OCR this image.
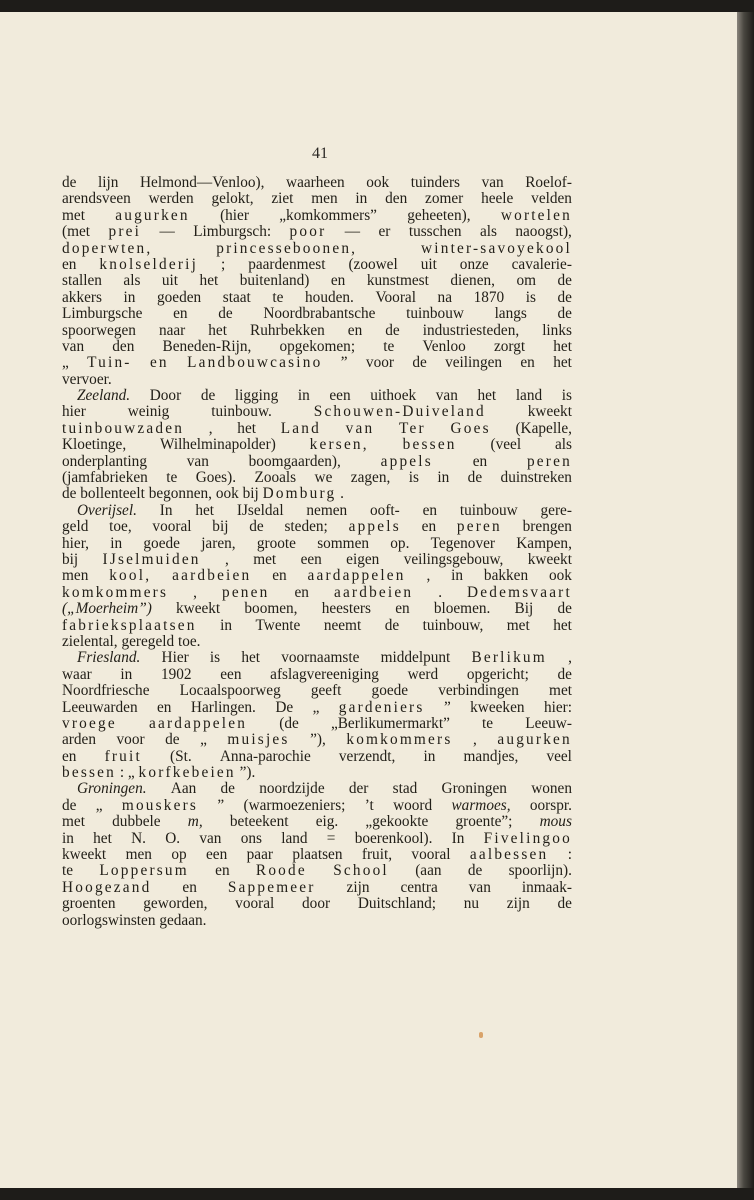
41
de lijn Helmond—Venloo), waarheen ook tuinders van Roelof-
arendsveen werden gelokt, ziet men in den zomer heele velden
met augurken (hier „komkommers” geheeten), wortelen
(met prei — Limburgsch: poor — er tusschen als naoogst),
doperwten,	princesseboonen,	winter-savoyekool
en knolselderij ; paardenmest (zoowel uit onze cavalerie-
stallen als uit het buitenland) en kunstmest dienen, om de
akkers in goeden staat te houden. Vooral na 1870 is de
Limburgsche en de Noordbrabantsche tuinbouw langs de
spoorwegen naar het Ruhrbekken en de industriesteden, links
van den Beneden-Rijn, opgekomen; te Venloo zorgt het
„ Tuin- en Landbouwcasino ” voor de veilingen en het
vervoer.
Zeeland. Door de ligging in een uithoek van het land is
hier	weinig	tuinbouw.	Schouwen-Duiveland	kweekt
tuinbouwzaden , het Land van Ter Goes (Kapelle,
Kloetinge, Wilhelminapolder) kersen, bessen (veel als
onderplanting	van	boomgaarden),	appels	en	peren
(jamfabrieken te Goes). Zooals we zagen, is in de duinstreken
de
bollenteelt
begonnen,
ook
bij
Domburg
.
Overijsel. In het IJseldal nemen ooft- en tuinbouw gere-
geld toe, vooral bij de steden; appels en peren brengen
hier, in goede jaren, groote sommen op. Tegenover Kampen,
bij IJselmuiden , met een eigen veilingsgebouw, kweekt
men kool, aardbeien en aardappelen , in bakken ook
komkommers , penen en aardbeien . Dedemsvaart
(„Moerheim”) kweekt boomen, heesters en bloemen. Bij de
fabrieksplaatsen in Twente neemt de tuinbouw, met het
zielental,
geregeld
toe.
Friesland. Hier is het voornaamste middelpunt Berlikum ,
waar in 1902 een afslagvereeniging werd opgericht; de
Noordfriesche Locaalspoorweg geeft goede verbindingen met
Leeuwarden en Harlingen. De „ gardeniers ” kweeken hier:
vroege aardappelen (de „Berlikumermarkt” te Leeuw-
arden voor de „ muisjes ”), komkommers , augurken
en fruit (St. Anna-parochie verzendt, in mandjes, veel
bessen
:
„
korfkebeien
”).
Groningen. Aan de noordzijde der stad Groningen wonen
de „ mouskers ” (warmoezeniers; ’t woord warmoes, oorspr.
met dubbele m, beteekent eig. „gekookte groente”; mous
in het N. O. van ons land = boerenkool). In Fivelingoo
kweekt men op een paar plaatsen fruit, vooral aalbessen :
te Loppersum en Roode School (aan de spoorlijn).
Hoogezand en Sappemeer zijn centra van inmaak-
groenten geworden, vooral door Duitschland; nu zijn de
oorlogswinsten
gedaan.
